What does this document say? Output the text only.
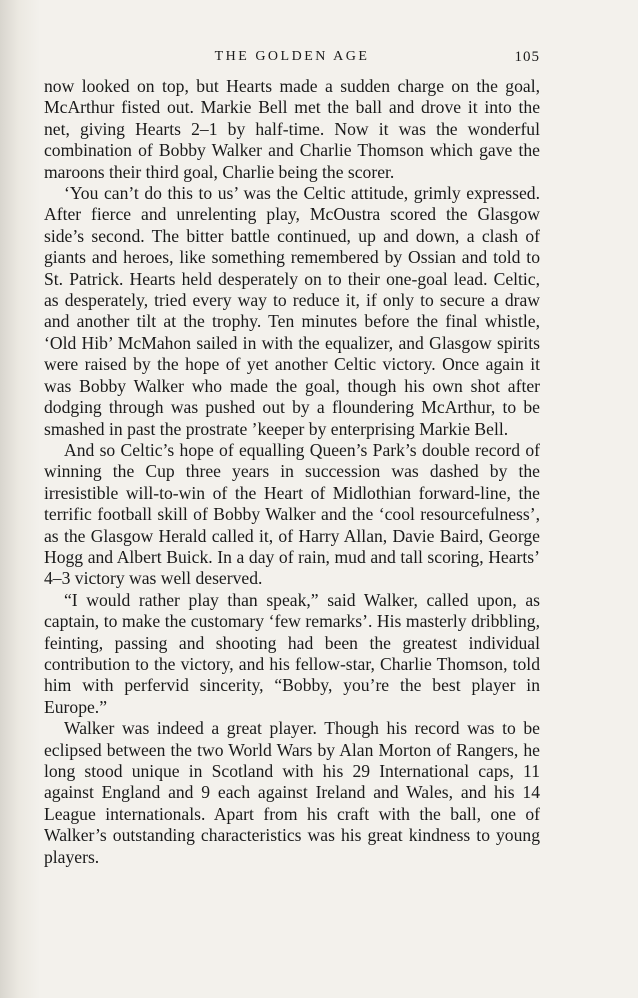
THE GOLDEN AGE	105

now looked on top, but Hearts made a sudden charge on the goal, McArthur fisted out. Markie Bell met the ball and drove it into the net, giving Hearts 2–1 by half-time. Now it was the wonderful combination of Bobby Walker and Charlie Thomson which gave the maroons their third goal, Charlie being the scorer.

‘You can’t do this to us’ was the Celtic attitude, grimly expressed. After fierce and unrelenting play, McOustra scored the Glasgow side’s second. The bitter battle continued, up and down, a clash of giants and heroes, like something remembered by Ossian and told to St. Patrick. Hearts held desperately on to their one-goal lead. Celtic, as desperately, tried every way to reduce it, if only to secure a draw and another tilt at the trophy. Ten minutes before the final whistle, ‘Old Hib’ McMahon sailed in with the equalizer, and Glasgow spirits were raised by the hope of yet another Celtic victory. Once again it was Bobby Walker who made the goal, though his own shot after dodging through was pushed out by a floundering McArthur, to be smashed in past the prostrate ’keeper by enterprising Markie Bell.

And so Celtic’s hope of equalling Queen’s Park’s double record of winning the Cup three years in succession was dashed by the irresistible will-to-win of the Heart of Midlothian forward-line, the terrific football skill of Bobby Walker and the ‘cool resourcefulness’, as the Glasgow Herald called it, of Harry Allan, Davie Baird, George Hogg and Albert Buick. In a day of rain, mud and tall scoring, Hearts’ 4–3 victory was well deserved.

“I would rather play than speak,” said Walker, called upon, as captain, to make the customary ‘few remarks’. His masterly dribbling, feinting, passing and shooting had been the greatest individual contribution to the victory, and his fellow-star, Charlie Thomson, told him with perfervid sincerity, “Bobby, you’re the best player in Europe.”

Walker was indeed a great player. Though his record was to be eclipsed between the two World Wars by Alan Morton of Rangers, he long stood unique in Scotland with his 29 International caps, 11 against England and 9 each against Ireland and Wales, and his 14 League internationals. Apart from his craft with the ball, one of Walker’s outstanding characteristics was his great kindness to young players.
